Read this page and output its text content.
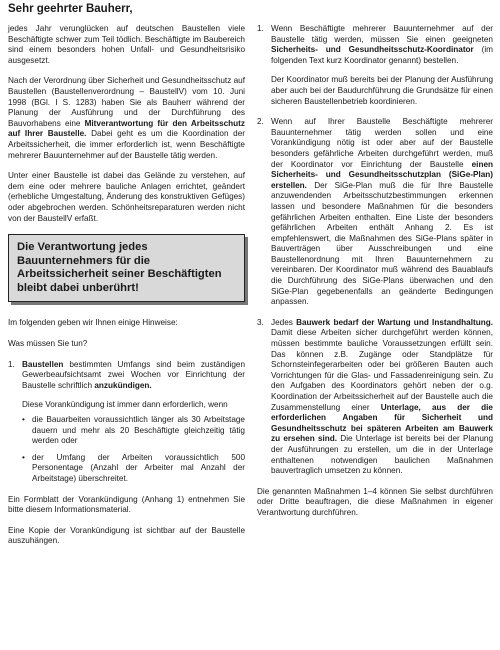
Sehr geehrter Bauherr,

jedes Jahr verunglücken auf deutschen Baustellen viele Beschäftigte schwer zum Teil tödlich. Beschäftigte im Baubereich sind einem besonders hohen Unfall- und Gesundheitsrisiko ausgesetzt.

Nach der Verordnung über Sicherheit und Gesundheitsschutz auf Baustellen (Baustellenverordnung – BaustellV) vom 10. Juni 1998 (BGl. I S. 1283) haben Sie als Bauherr während der Planung der Ausführung und der Durchführung des Bauvorhabens eine Mitverantwortung für den Arbeitsschutz auf Ihrer Baustelle. Dabei geht es um die Koordination der Arbeitssicherheit, die immer erforderlich ist, wenn Beschäftigte mehrerer Bauunternehmer auf der Baustelle tätig werden.

Unter einer Baustelle ist dabei das Gelände zu verstehen, auf dem eine oder mehrere bauliche Anlagen errichtet, geändert (erhebliche Umgestaltung, Änderung des konstruktiven Gefüges) oder abgebrochen werden. Schönheitsreparaturen werden nicht von der BaustellV erfaßt.

Die Verantwortung jedes Bauunternehmers für die Arbeitssicherheit seiner Beschäftigten bleibt dabei unberührt!

Im folgenden geben wir Ihnen einige Hinweise:

Was müssen Sie tun?

1. Baustellen bestimmten Umfangs sind beim zuständigen Gewerbeaufsichtsamt zwei Wochen vor Einrichtung der Baustelle schriftlich anzukündigen.

Diese Vorankündigung ist immer dann erforderlich, wenn

• die Bauarbeiten voraussichtlich länger als 30 Arbeitstage dauern und mehr als 20 Beschäftigte gleichzeitig tätig werden oder
• der Umfang der Arbeiten voraussichtlich 500 Personentage (Anzahl der Arbeiter mal Anzahl der Arbeitstage) überschreitet.

Ein Formblatt der Vorankündigung (Anhang 1) entnehmen Sie bitte diesem Informationsmaterial.

Eine Kopie der Vorankündigung ist sichtbar auf der Baustelle auszuhängen.

1. Wenn Beschäftigte mehrerer Bauunternehmer auf der Baustelle tätig werden, müssen Sie einen geeigneten Sicherheits- und Gesundheitsschutz-Koordinator (im folgenden Text kurz Koordinator genannt) bestellen.

Der Koordinator muß bereits bei der Planung der Ausführung aber auch bei der Baudurchführung die Grundsätze für einen sicheren Baustellenbetrieb koordinieren.

2. Wenn auf Ihrer Baustelle Beschäftigte mehrerer Bauunternehmer tätig werden sollen und eine Vorankündigung nötig ist oder aber auf der Baustelle besonders gefährliche Arbeiten durchgeführt werden, muß der Koordinator vor Einrichtung der Baustelle einen Sicherheits- und Gesundheitsschutzplan (SiGe-Plan) erstellen. Der SiGe-Plan muß die für Ihre Baustelle anzuwendenden Arbeitsschutzbestimmungen erkennen lassen und besondere Maßnahmen für die besonders gefährlichen Arbeiten enthalten. Eine Liste der besonders gefährlichen Arbeiten enthält Anhang 2. Es ist empfehlenswert, die Maßnahmen des SiGe-Plans später in Bauverträgen über Ausschreibungen und eine Baustellenordnung mit Ihren Bauunternehmern zu vereinbaren. Der Koordinator muß während des Bauablaufs die Durchführung des SiGe-Plans überwachen und den SiGe-Plan gegebenenfalls an geänderte Bedingungen anpassen.
3. Jedes Bauwerk bedarf der Wartung und Instandhaltung. Damit diese Arbeiten sicher durchgeführt werden können, müssen bestimmte bauliche Voraussetzungen erfüllt sein. Das können z.B. Zugänge oder Standplätze für Schornsteinfegerarbeiten oder bei größeren Bauten auch Vorrichtungen für die Glas- und Fassadenreinigung sein. Zu den Aufgaben des Koordinators gehört neben der o.g. Koordination der Arbeitssicherheit auf der Baustelle auch die Zusammenstellung einer Unterlage, aus der die erforderlichen Angaben für Sicherheit und Gesundheitsschutz bei späteren Arbeiten am Bauwerk zu ersehen sind. Die Unterlage ist bereits bei der Planung der Ausführungen zu erstellen, um die in der Unterlage enthaltenen notwendigen baulichen Maßnahmen bauvertraglich umsetzen zu können.

Die genannten Maßnahmen 1–4 können Sie selbst durchführen oder Dritte beauftragen, die diese Maßnahmen in eigener Verantwortung durchführen.
